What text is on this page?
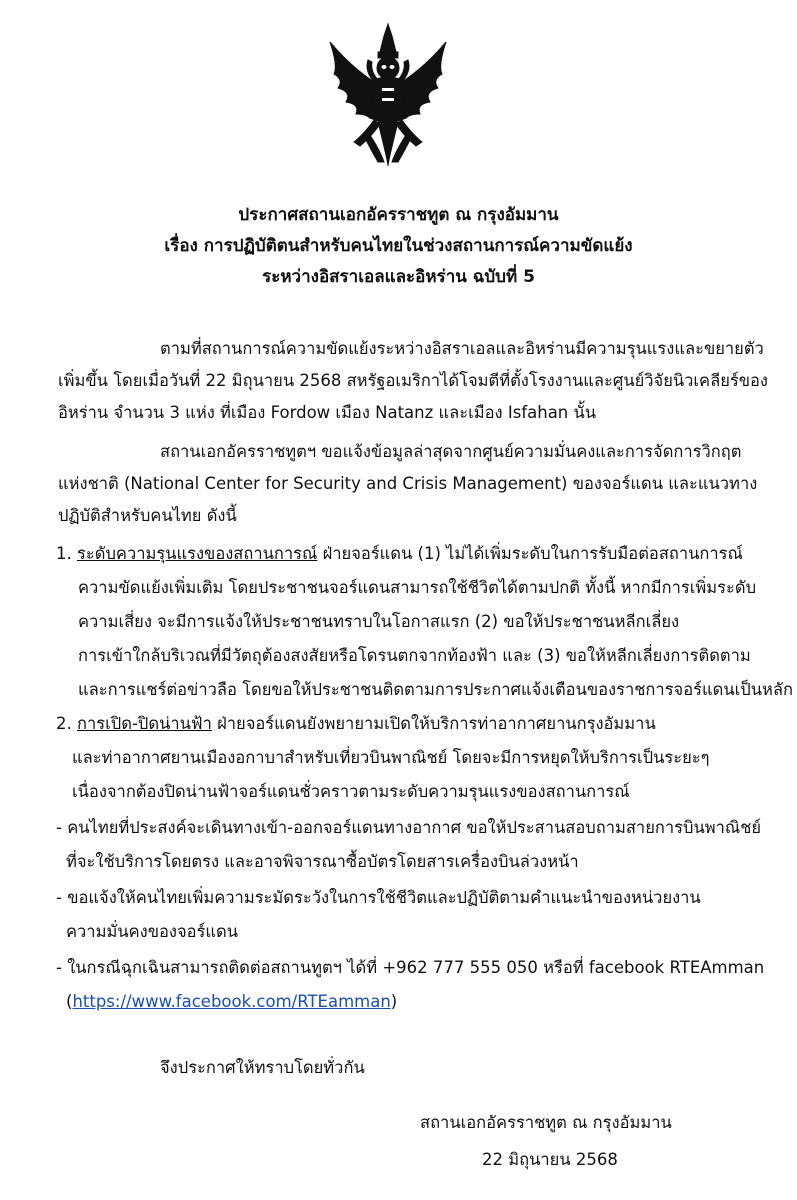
ประกาศสถานเอกอัครราชทูต ณ กรุงอัมมาน
เรื่อง การปฏิบัติตนสำหรับคนไทยในช่วงสถานการณ์ความขัดแย้ง
ระหว่างอิสราเอลและอิหร่าน ฉบับที่ 5
ตามที่สถานการณ์ความขัดแย้งระหว่างอิสราเอลและอิหร่านมีความรุนแรงและขยายตัว
เพิ่มขึ้น โดยเมื่อวันที่ 22 มิถุนายน 2568 สหรัฐอเมริกาได้โจมตีที่ตั้งโรงงานและศูนย์วิจัยนิวเคลียร์ของ
อิหร่าน จำนวน 3 แห่ง ที่เมือง Fordow เมือง Natanz และเมือง Isfahan นั้น
สถานเอกอัครราชทูตฯ ขอแจ้งข้อมูลล่าสุดจากศูนย์ความมั่นคงและการจัดการวิกฤต
แห่งชาติ (National Center for Security and Crisis Management) ของจอร์แดน และแนวทาง
ปฏิบัติสำหรับคนไทย ดังนี้
1. ระดับความรุนแรงของสถานการณ์ ฝ่ายจอร์แดน (1) ไม่ได้เพิ่มระดับในการรับมือต่อสถานการณ์
ความขัดแย้งเพิ่มเติม โดยประชาชนจอร์แดนสามารถใช้ชีวิตได้ตามปกติ ทั้งนี้ หากมีการเพิ่มระดับ
ความเสี่ยง จะมีการแจ้งให้ประชาชนทราบในโอกาสแรก (2) ขอให้ประชาชนหลีกเลี่ยง
การเข้าใกล้บริเวณที่มีวัตถุต้องสงสัยหรือโดรนตกจากท้องฟ้า และ (3) ขอให้หลีกเลี่ยงการติดตาม
และการแชร์ต่อข่าวลือ โดยขอให้ประชาชนติดตามการประกาศแจ้งเตือนของราชการจอร์แดนเป็นหลัก
2. การเปิด-ปิดน่านฟ้า ฝ่ายจอร์แดนยังพยายามเปิดให้บริการท่าอากาศยานกรุงอัมมาน
และท่าอากาศยานเมืองอกาบาสำหรับเที่ยวบินพาณิชย์ โดยจะมีการหยุดให้บริการเป็นระยะๆ
เนื่องจากต้องปิดน่านฟ้าจอร์แดนชั่วคราวตามระดับความรุนแรงของสถานการณ์
- คนไทยที่ประสงค์จะเดินทางเข้า-ออกจอร์แดนทางอากาศ ขอให้ประสานสอบถามสายการบินพาณิชย์
ที่จะใช้บริการโดยตรง และอาจพิจารณาซื้อบัตรโดยสารเครื่องบินล่วงหน้า
- ขอแจ้งให้คนไทยเพิ่มความระมัดระวังในการใช้ชีวิตและปฏิบัติตามคำแนะนำของหน่วยงาน
ความมั่นคงของจอร์แดน
- ในกรณีฉุกเฉินสามารถติดต่อสถานทูตฯ ได้ที่ +962 777 555 050 หรือที่ facebook RTEAmman
(https://www.facebook.com/RTEamman)
จึงประกาศให้ทราบโดยทั่วกัน
สถานเอกอัครราชทูต ณ กรุงอัมมาน
22 มิถุนายน 2568
